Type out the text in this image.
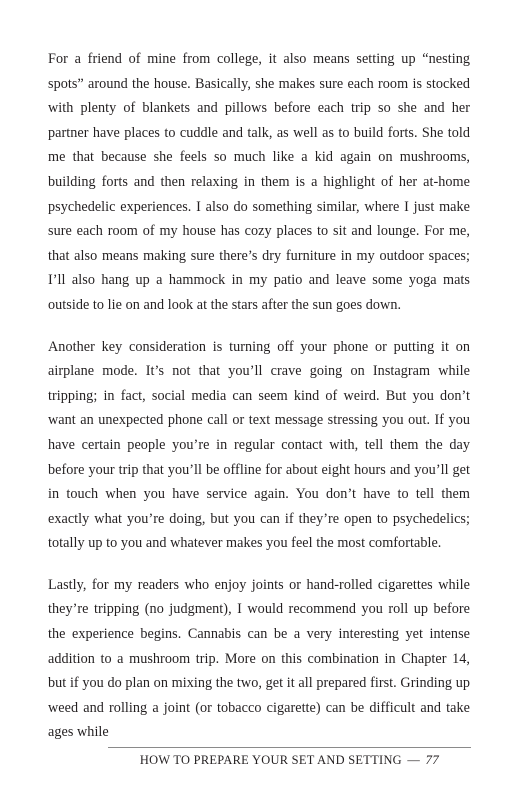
For a friend of mine from college, it also means setting up “nesting spots” around the house. Basically, she makes sure each room is stocked with plenty of blankets and pillows before each trip so she and her partner have places to cuddle and talk, as well as to build forts. She told me that because she feels so much like a kid again on mushrooms, building forts and then relaxing in them is a highlight of her at-home psychedelic experiences. I also do something similar, where I just make sure each room of my house has cozy places to sit and lounge. For me, that also means making sure there’s dry furniture in my outdoor spaces; I’ll also hang up a hammock in my patio and leave some yoga mats outside to lie on and look at the stars after the sun goes down.

Another key consideration is turning off your phone or putting it on airplane mode. It’s not that you’ll crave going on Instagram while tripping; in fact, social media can seem kind of weird. But you don’t want an unexpected phone call or text message stressing you out. If you have certain people you’re in regular contact with, tell them the day before your trip that you’ll be offline for about eight hours and you’ll get in touch when you have service again. You don’t have to tell them exactly what you’re doing, but you can if they’re open to psychedelics; totally up to you and whatever makes you feel the most comfortable.

Lastly, for my readers who enjoy joints or hand-rolled cigarettes while they’re tripping (no judgment), I would recommend you roll up before the experience begins. Cannabis can be a very interesting yet intense addition to a mushroom trip. More on this combination in Chapter 14, but if you do plan on mixing the two, get it all prepared first. Grinding up weed and rolling a joint (or tobacco cigarette) can be difficult and take ages while

HOW TO PREPARE YOUR SET AND SETTING — 77
